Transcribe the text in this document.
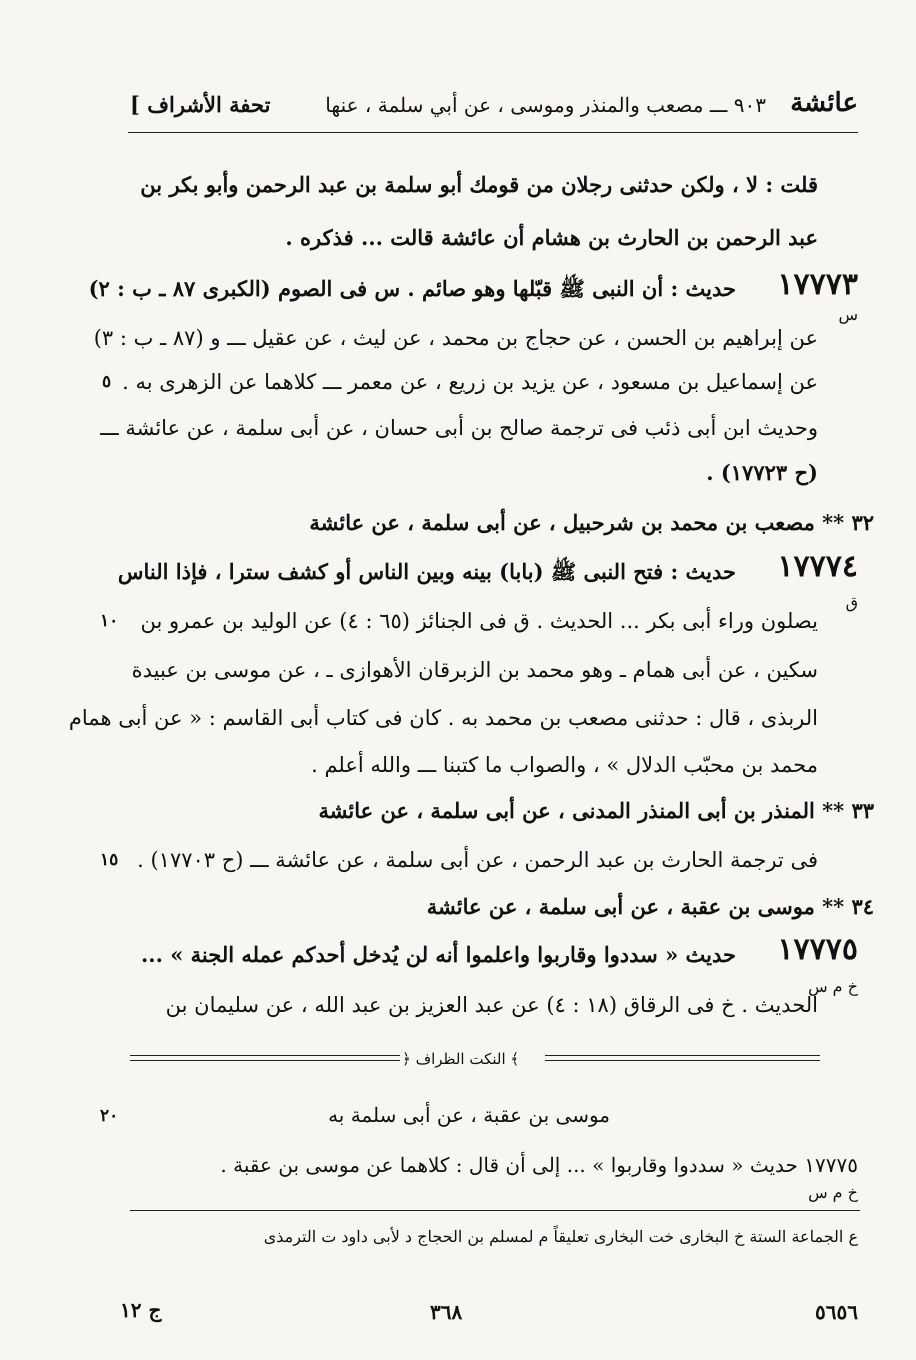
عائشة
٩٠٣ ـــ مصعب والمنذر وموسى ، عن أبي سلمة ، عنها
[ تحفة الأشراف
قلت : لا ، ولكن حدثنى رجلان من قومك أبو سلمة بن عبد الرحمن وأبو بكر بن
عبد الرحمن بن الحارث بن هشام أن عائشة قالت ... فذكره .
١٧٧٧٣
حديث : أن النبى ﷺ قبّلها وهو صائم . س فى الصوم (الكبرى ٨٧ ـ ب : ٢)
س
عن إبراهيم بن الحسن ، عن حجاج بن محمد ، عن ليث ، عن عقيل ـــ و (٨٧ ـ ب : ٣)
عن إسماعيل بن مسعود ، عن يزيد بن زريع ، عن معمر ـــ كلاهما عن الزهرى به .
٥
وحديث ابن أبى ذئب فى ترجمة صالح بن أبى حسان ، عن أبى سلمة ، عن عائشة ـــ
(ح ١٧٧٢٣) .
٣٢ ** مصعب بن محمد بن شرحبيل ، عن أبى سلمة ، عن عائشة
١٧٧٧٤
حديث : فتح النبى ﷺ (بابا) بينه وبين الناس أو كشف سترا ، فإذا الناس
ق
يصلون وراء أبى بكر ... الحديث . ق فى الجنائز (٦٥ : ٤) عن الوليد بن عمرو بن
١٠
سكين ، عن أبى همام ـ وهو محمد بن الزبرقان الأهوازى ـ ، عن موسى بن عبيدة
الربذى ، قال : حدثنى مصعب بن محمد به . كان فى كتاب أبى القاسم : « عن أبى همام
محمد بن محبّب الدلال » ، والصواب ما كتبنا ـــ والله أعلم .
٣٣ ** المنذر بن أبى المنذر المدنى ، عن أبى سلمة ، عن عائشة
فى ترجمة الحارث بن عبد الرحمن ، عن أبى سلمة ، عن عائشة ـــ (ح ١٧٧٠٣) .
١٥
٣٤ ** موسى بن عقبة ، عن أبى سلمة ، عن عائشة
١٧٧٧٥
حديث « سددوا وقاربوا واعلموا أنه لن يُدخل أحدكم عمله الجنة » ...
خ م س
الحديث . خ فى الرقاق (١٨ : ٤) عن عبد العزيز بن عبد الله ، عن سليمان بن
﴿ النكت الظراف ﴾
موسى بن عقبة ، عن أبى سلمة به
٢٠
١٧٧٧٥ حديث « سددوا وقاربوا » ... إلى أن قال : كلاهما عن موسى بن عقبة .
خ م س
ع الجماعة الستة خ البخارى خت البخارى تعليقاً م لمسلم بن الحجاج د لأبى داود ت الترمذى
ج ١٢	٣٦٨	٥٦٥٦
